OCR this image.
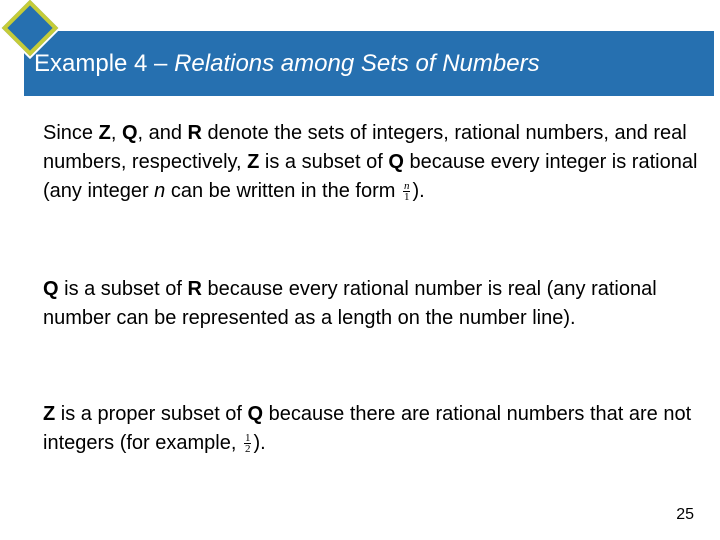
Example 4 – Relations among Sets of Numbers
Since Z, Q, and R denote the sets of integers, rational numbers, and real numbers, respectively, Z is a subset of Q because every integer is rational (any integer n can be written in the form $\frac{n}{1}$ ).
Q is a subset of R because every rational number is real (any rational number can be represented as a length on the number line).
Z is a proper subset of Q because there are rational numbers that are not integers (for example, $\frac{1}{2}$ ).
25
